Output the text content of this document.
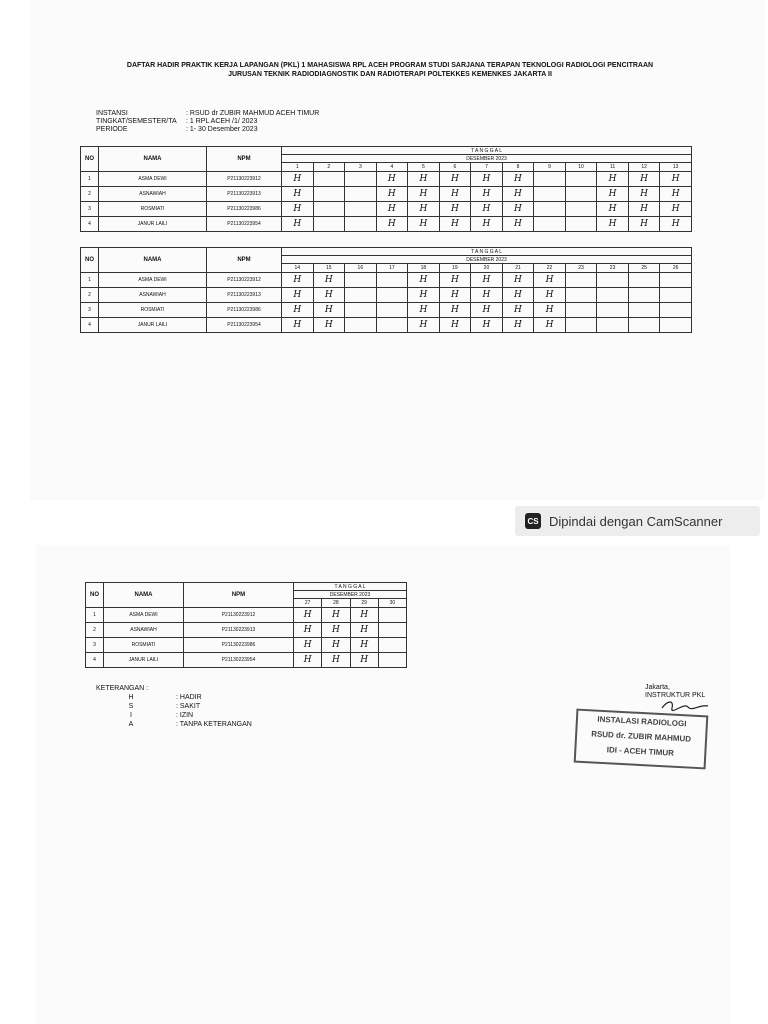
DAFTAR HADIR PRAKTIK KERJA LAPANGAN (PKL) 1 MAHASISWA RPL ACEH PROGRAM STUDI SARJANA TERAPAN TEKNOLOGI RADIOLOGI PENCITRAAN
JURUSAN TEKNIK RADIODIAGNOSTIK DAN RADIOTERAPI POLTEKKES KEMENKES JAKARTA II
INSTANSI	: RSUD dr ZUBIR MAHMUD ACEH TIMUR
TINGKAT/SEMESTER/TA : 1 RPL ACEH /1/ 2023
PERIODE	: 1- 30 Desember 2023
NO	NAMA	NPM	T A N G G A L												
			DESEMBER 2023												
			1	2	3	4	5	6	7	8	9	10	11	12	13
1	ASMA DEWI	P21130223912	H			H	H	H	H	H			H	H	H
2	ASNAWIAH	P21130223913	H			H	H	H	H	H			H	H	H
3	ROSMIATI	P21130223986	H			H	H	H	H	H			H	H	H
4	JANUR LAILI	P21130223954	H			H	H	H	H	H			H	H	H
NO	NAMA	NPM	T A N G G A L												
			DESEMBER 2023												
			14	15	16	17	18	19	20	21	22	23	23	25	26
1	ASMA DEWI	P21130223912	H	H			H	H	H	H	H				
2	ASNAWIAH	P21130223913	H	H			H	H	H	H	H				
3	ROSMIATI	P21130223986	H	H			H	H	H	H	H				
4	JANUR LAILI	P21130223954	H	H			H	H	H	H	H				
CS Dipindai dengan CamScanner
NO	NAMA	NPM	T A N G G A L			
			DESEMBER 2023			
			27	28	29	30
1	ASMA DEWI	P21130223912	H	H	H	
2	ASNAWIAH	P21130223913	H	H	H	
3	ROSMIATI	P21130223986	H	H	H	
4	JANUR LAILI	P21130223954	H	H	H	
KETERANGAN :
H	: HADIR
S	: SAKIT
I	: IZIN
A	: TANPA KETERANGAN
Jakarta,
INSTRUKTUR PKL
INSTALASI RADIOLOGI
RSUD dr. ZUBIR MAHMUD
IDI - ACEH TIMUR
